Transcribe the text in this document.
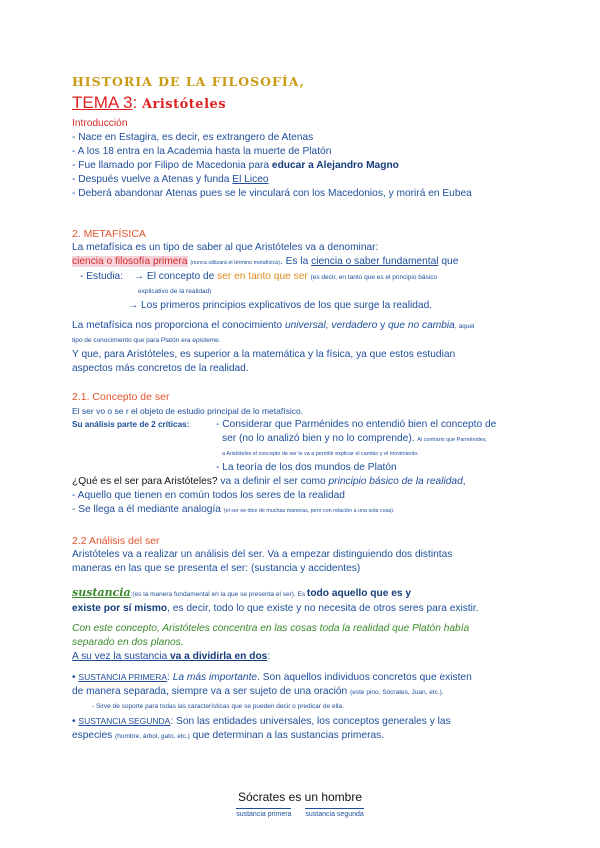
HISTORIA DE LA FILOSOFÍA,
TEMA 3: Aristóteles
Introducción
- Nace en Estagira, es decir, es extrangero de Atenas
- A los 18 entra en la Academia hasta la muerte de Platón
- Fue llamado por Filipo de Macedonia para educar a Alejandro Magno
- Después vuelve a Atenas y funda El Liceo
- Deberá abandonar Atenas pues se le vinculará con los Macedonios, y morirá en Eubea
2. METAFÍSICA
La metafísica es un tipo de saber al que Aristóteles va a denominar:
ciencia o filosofía primera (nunca utilizará el término metafísica). Es la ciencia o saber fundamental que
- Estudia: → El concepto de ser en tanto que ser (es decir, en tanto que es el principio básico
explicativo de la realidad)
→ Los primeros principios explicativos de los que surge la realidad.
La metafísica nos proporciona el conocimiento universal, verdadero y que no cambia, aquel
tipo de conocimiento que para Platón era episteme.
Y que, para Aristóteles, es superior a la matemática y la física, ya que estos estudian
aspectos más concretos de la realidad.
2.1. Concepto de ser
El ser vo o se r el objeto de estudio principal de lo metafísico.
Su análisis parte de 2 críticas:	- Considerar que Parménides no entendió bien el concepto de
ser (no lo analizó bien y no lo comprende). Al contrario que Parménides,
a Aristóteles el concepto de ser le va a permitir explicar el cambio y el movimiento.
- La teoría de los dos mundos de Platón
¿Qué es el ser para Aristóteles? va a definir el ser como principio básico de la realidad,
- Aquello que tienen en común todos los seres de la realidad
- Se llega a él mediante analogía (el ser se dice de muchas maneras, pero con relación a una sola cosa).
2.2 Análisis del ser
Aristóteles va a realizar un análisis del ser. Va a empezar distinguiendo dos distintas
maneras en las que se presenta el ser: (sustancia y accidentes)
sustancia:(es la manera fundamental en la que se presenta el ser). Es todo aquello que es y
existe por sí mismo, es decir, todo lo que existe y no necesita de otros seres para existir.
Con este concepto, Aristóteles concentra en las cosas toda la realidad que Platón había
separado en dos planos.
A su vez la sustancia va a dividirla en dos:
• SUSTANCIA PRIMERA: La más importante. Son aquellos individuos concretos que existen
de manera separada, siempre va a ser sujeto de una oración (este pino, Sócrates, Juan, etc.).
- Sirve de soporte para todas las características que se pueden decir o predicar de ella.
• SUSTANCIA SEGUNDA: Son las entidades universales, los conceptos generales y las
especies (hombre, árbol, gato, etc.) que determinan a las sustancias primeras.
Sócrates es un hombre
sustancia primera sustancia segunda
